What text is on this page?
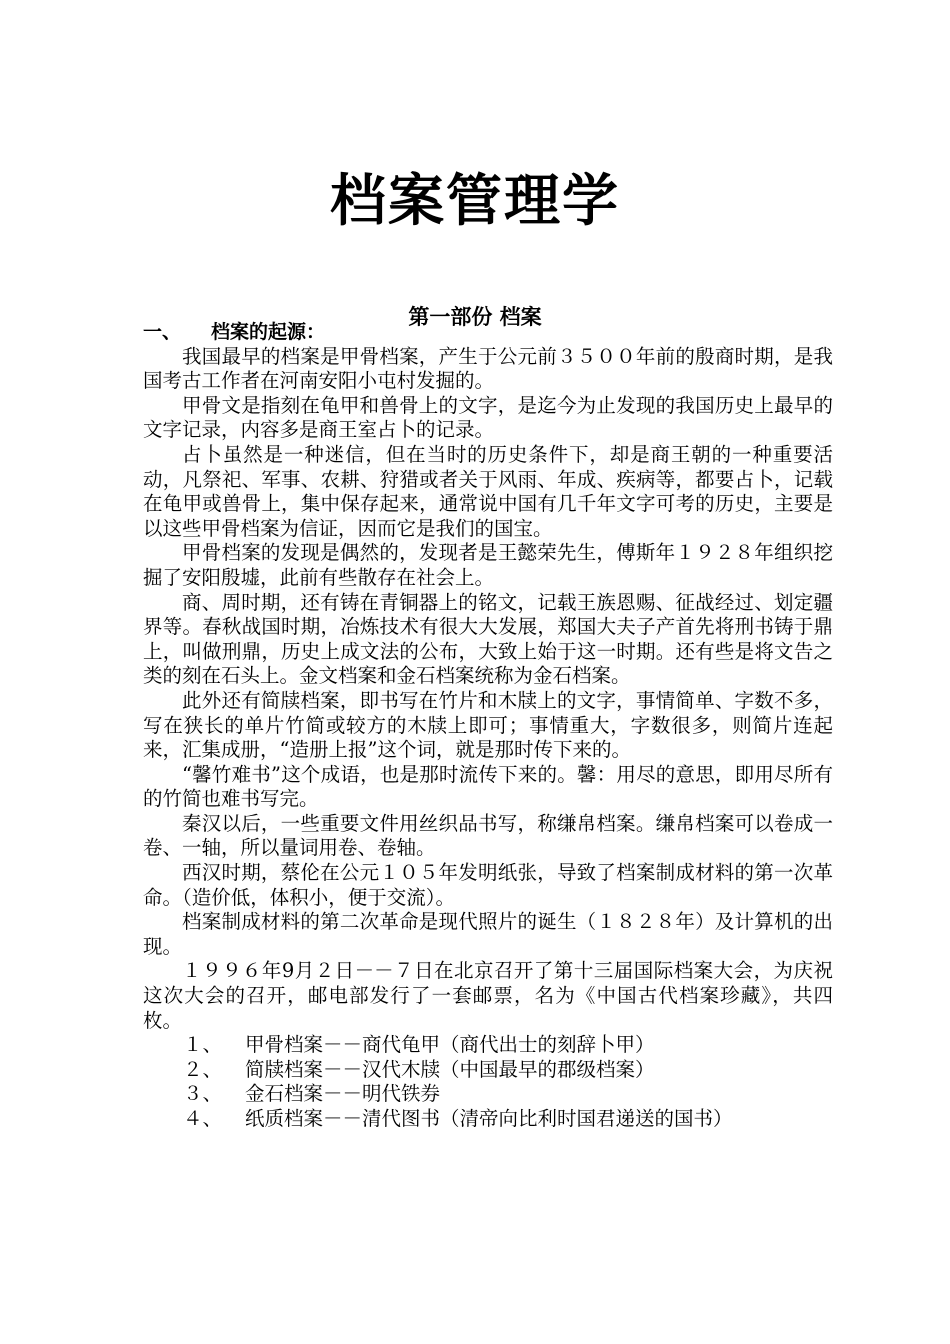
档案管理学
第一部份 档案
一、 档案的起源：

我国最早的档案是甲骨档案，产生于公元前３５００年前的殷商时期，是我国考古工作者在河南安阳小屯村发掘的。

甲骨文是指刻在龟甲和兽骨上的文字，是迄今为止发现的我国历史上最早的文字记录，内容多是商王室占卜的记录。

占卜虽然是一种迷信，但在当时的历史条件下，却是商王朝的一种重要活动，凡祭祀、军事、农耕、狩猎或者关于风雨、年成、疾病等，都要占卜，记载在龟甲或兽骨上，集中保存起来，通常说中国有几千年文字可考的历史，主要是以这些甲骨档案为信证，因而它是我们的国宝。

甲骨档案的发现是偶然的，发现者是王懿荣先生，傅斯年１９２８年组织挖掘了安阳殷墟，此前有些散存在社会上。

商、周时期，还有铸在青铜器上的铭文，记载王族恩赐、征战经过、划定疆界等。春秋战国时期，冶炼技术有很大大发展，郑国大夫子产首先将刑书铸于鼎上，叫做刑鼎，历史上成文法的公布，大致上始于这一时期。还有些是将文告之类的刻在石头上。金文档案和金石档案统称为金石档案。

此外还有简牍档案，即书写在竹片和木牍上的文字，事情简单、字数不多，写在狭长的单片竹简或较方的木牍上即可；事情重大，字数很多，则简片连起来，汇集成册，“造册上报”这个词，就是那时传下来的。

“馨竹难书”这个成语，也是那时流传下来的。馨：用尽的意思，即用尽所有的竹简也难书写完。

秦汉以后，一些重要文件用丝织品书写，称缣帛档案。缣帛档案可以卷成一卷、一轴，所以量词用卷、卷轴。

西汉时期，蔡伦在公元１０５年发明纸张，导致了档案制成材料的第一次革命。（造价低，体积小，便于交流）。

档案制成材料的第二次革命是现代照片的诞生（１８２８年）及计算机的出现。

１９９６年9月２日－－７日在北京召开了第十三届国际档案大会，为庆祝这次大会的召开，邮电部发行了一套邮票，名为《中国古代档案珍藏》，共四枚。

１、 甲骨档案－－商代龟甲（商代出士的刻辞卜甲）

２、 简牍档案－－汉代木牍（中国最早的郡级档案）

３、 金石档案－－明代铁券

４、 纸质档案－－清代图书（清帝向比利时国君递送的国书）
